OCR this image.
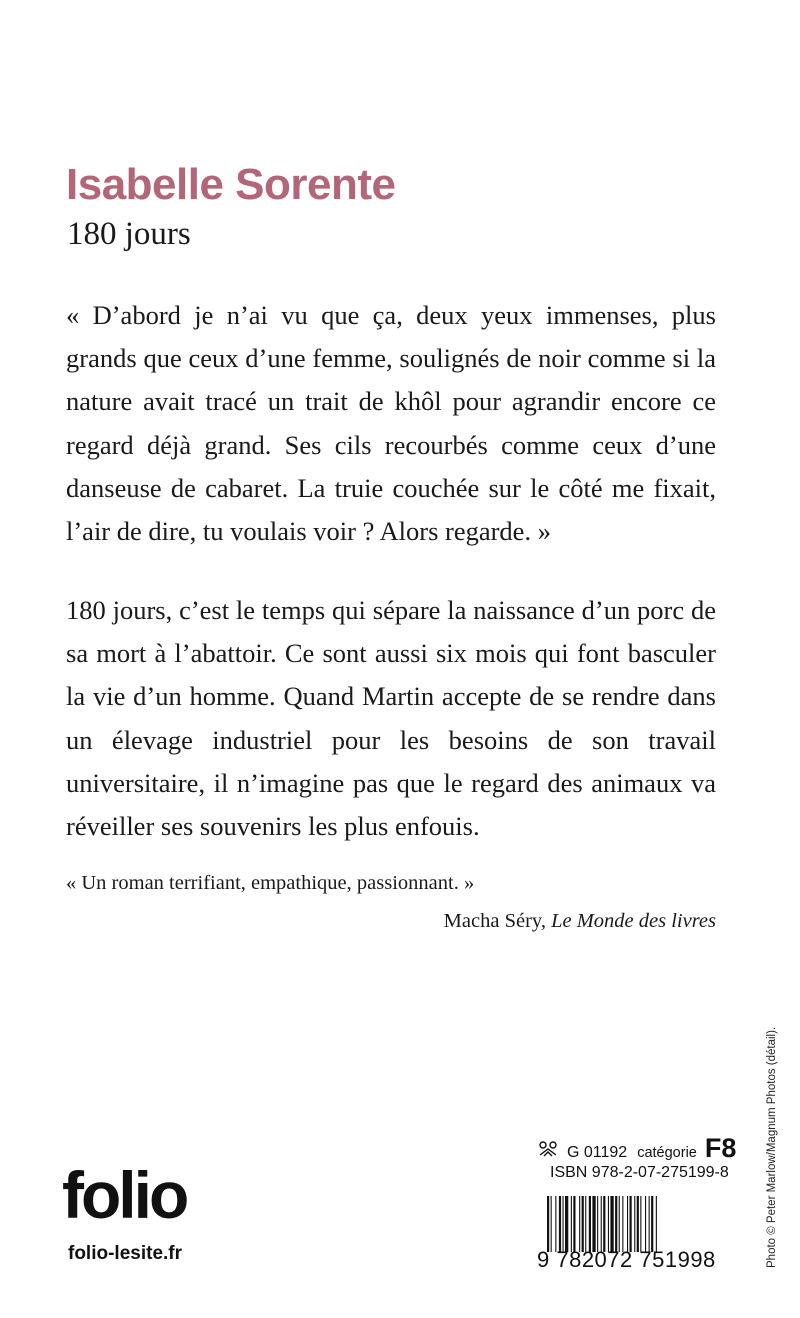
Isabelle Sorente
180 jours
« D’abord je n’ai vu que ça, deux yeux immenses, plus grands que ceux d’une femme, soulignés de noir comme si la nature avait tracé un trait de khôl pour agrandir encore ce regard déjà grand. Ses cils recourbés comme ceux d’une danseuse de cabaret. La truie couchée sur le côté me fixait, l’air de dire, tu voulais voir ? Alors regarde. »
180 jours, c’est le temps qui sépare la naissance d’un porc de sa mort à l’abattoir. Ce sont aussi six mois qui font basculer la vie d’un homme. Quand Martin accepte de se rendre dans un élevage industriel pour les besoins de son travail universitaire, il n’imagine pas que le regard des animaux va réveiller ses souvenirs les plus enfouis.
« Un roman terrifiant, empathique, passionnant. »
Macha Séry, Le Monde des livres
Photo © Peter Marlow/Magnum Photos (détail).
folio
folio-lesite.fr
G 01192 catégorie F8
ISBN 978-2-07-275199-8
9 782072 751998
